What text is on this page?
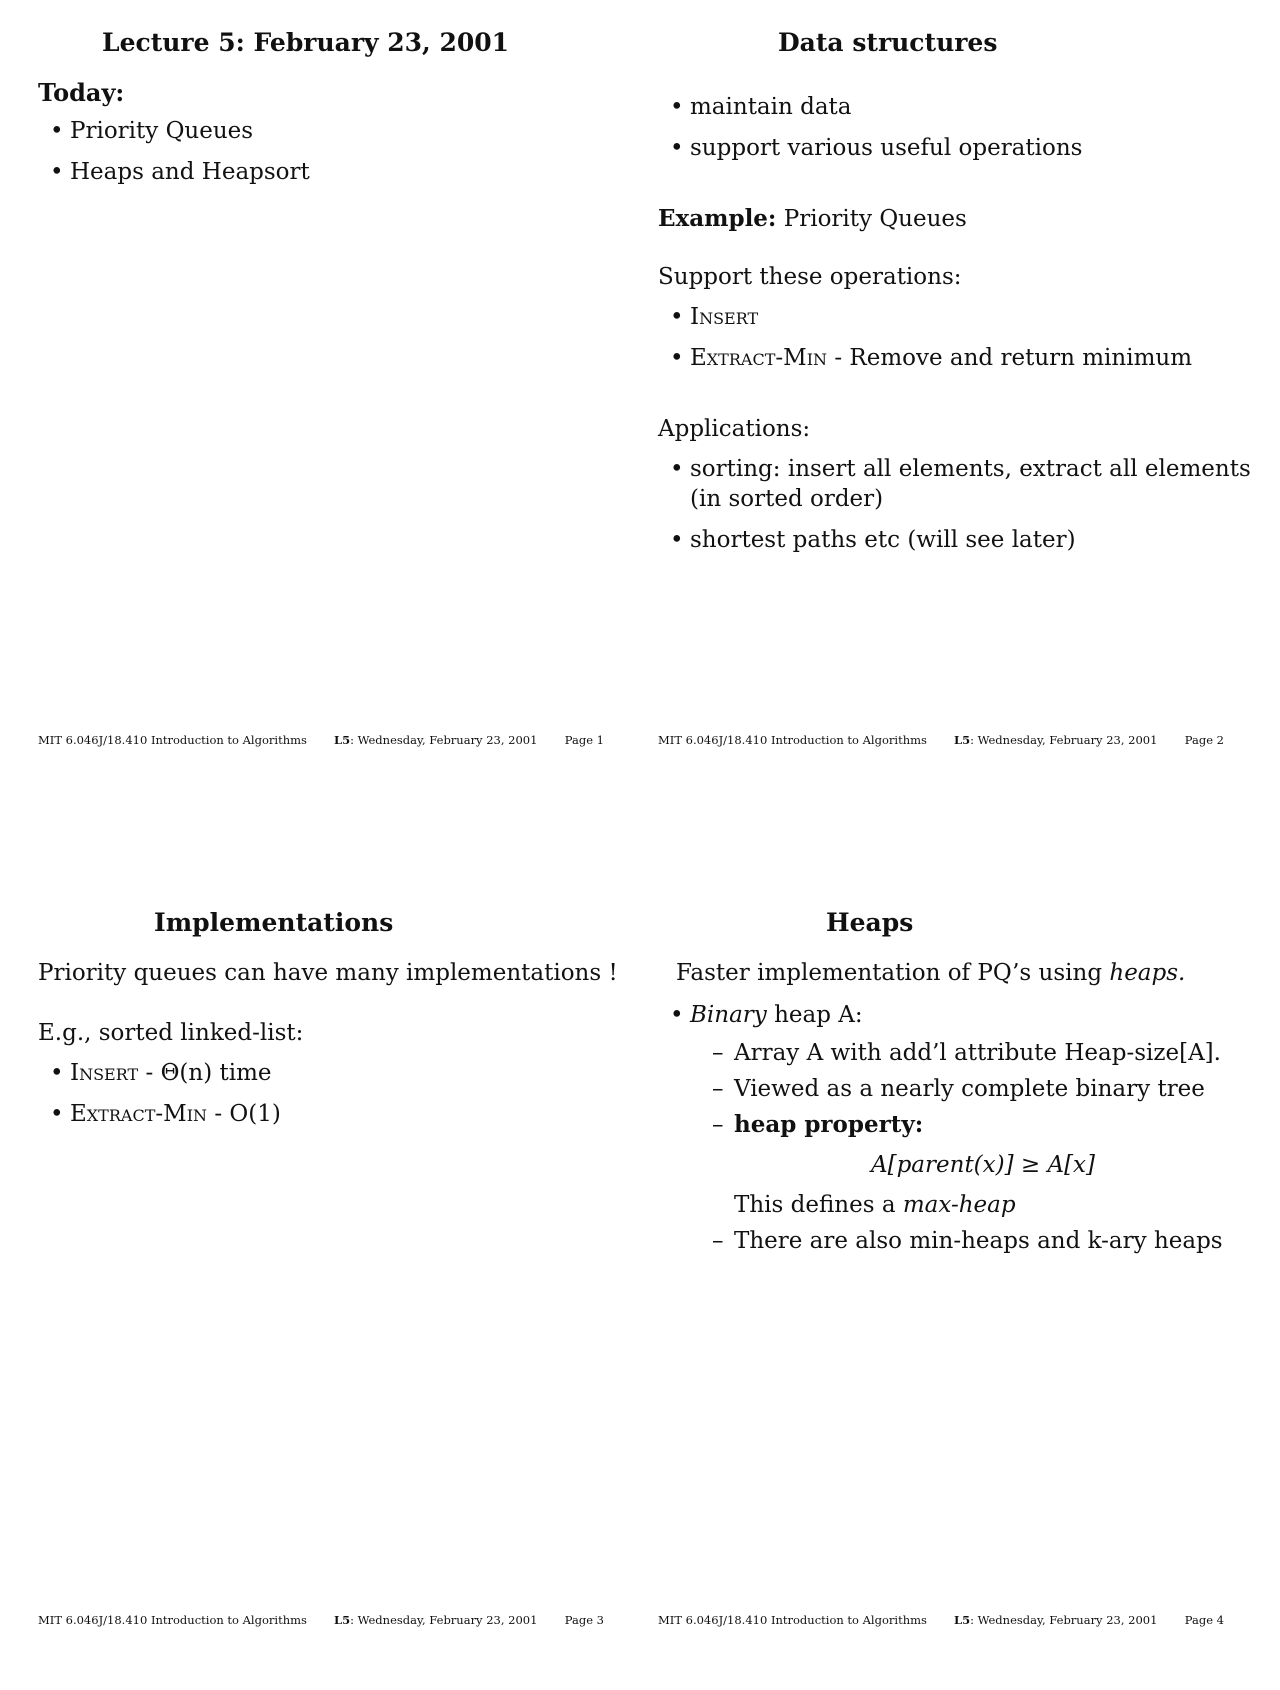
Lecture 5: February 23, 2001
Today:
• Priority Queues
• Heaps and Heapsort
MIT 6.046J/18.410 Introduction to Algorithms L5: Wednesday, February 23, 2001 Page 1
Data structures
• maintain data
• support various useful operations
Example: Priority Queues
Support these operations:
• Insert
• Extract-Min - Remove and return minimum
Applications:
• sorting: insert all elements, extract all elements (in sorted order)
• shortest paths etc (will see later)
MIT 6.046J/18.410 Introduction to Algorithms L5: Wednesday, February 23, 2001 Page 2
Implementations
Priority queues can have many implementations !
E.g., sorted linked-list:
• Insert - Θ(n) time
• Extract-Min - O(1)
MIT 6.046J/18.410 Introduction to Algorithms L5: Wednesday, February 23, 2001 Page 3
Heaps
Faster implementation of PQ’s using heaps.
• Binary heap A:
– Array A with add’l attribute Heap-size[A].
– Viewed as a nearly complete binary tree
– heap property:
A[parent(x)] ≥ A[x]
This defines a max-heap
– There are also min-heaps and k-ary heaps
MIT 6.046J/18.410 Introduction to Algorithms L5: Wednesday, February 23, 2001 Page 4
